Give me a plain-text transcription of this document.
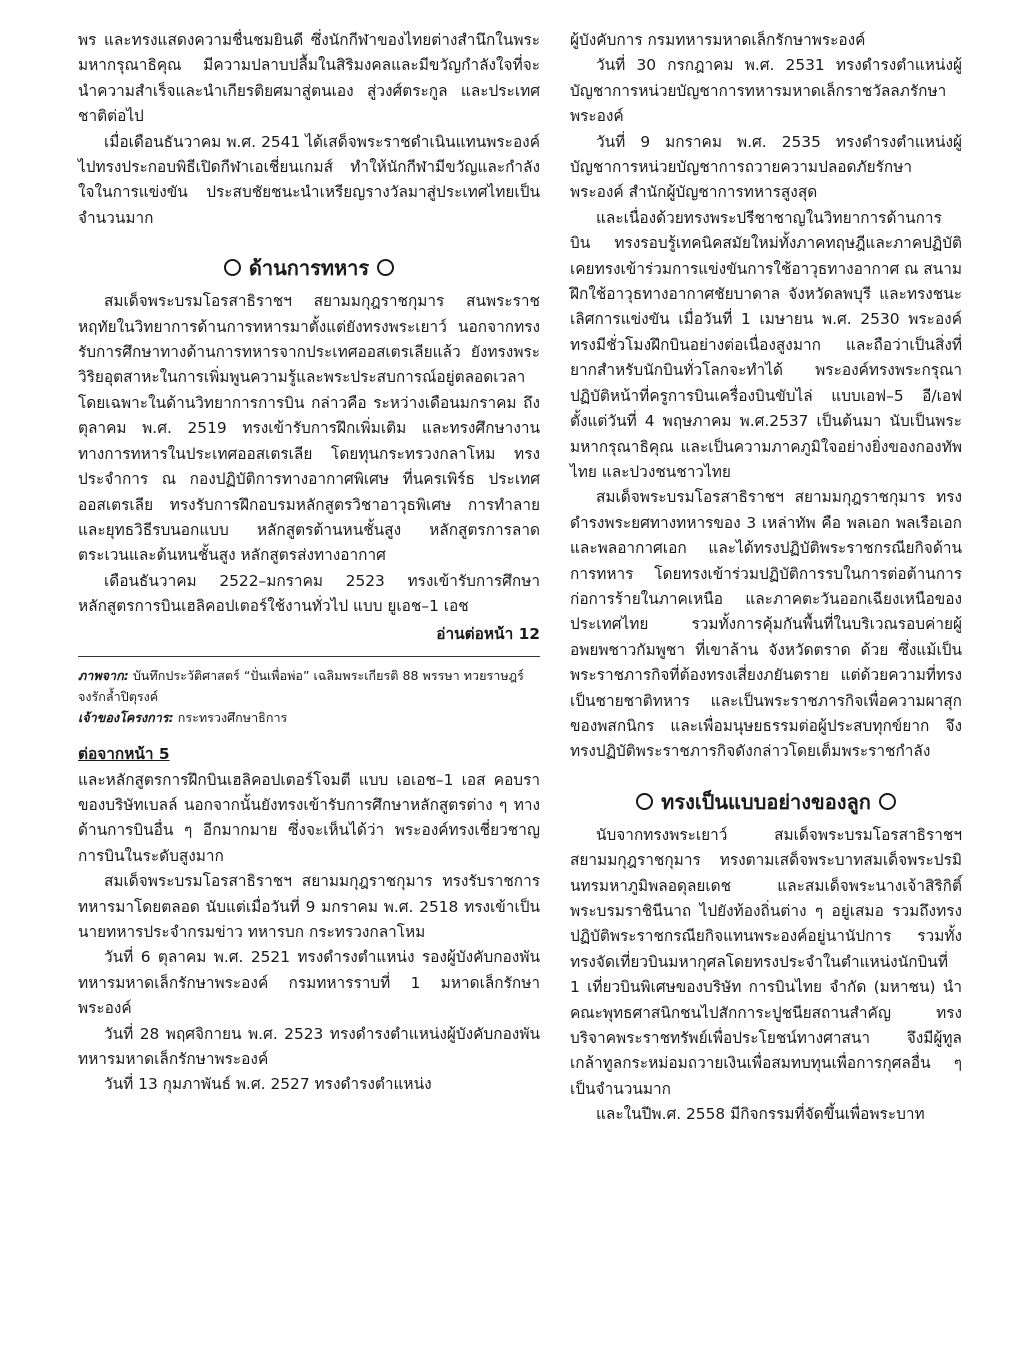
พร และทรงแสดงความชื่นชมยินดี ซึ่งนักกีฬาของไทยต่างสำนึกในพระมหากรุณาธิคุณ มีความปลาบปลื้มในสิริมงคลและมีขวัญกำลังใจที่จะนำความสำเร็จและนำเกียรติยศมาสู่ตนเอง สู่วงศ์ตระกูล และประเทศชาติต่อไป

เมื่อเดือนธันวาคม พ.ศ. 2541 ได้เสด็จพระราชดำเนินแทนพระองค์ไปทรงประกอบพิธีเปิดกีฬาเอเชี่ยนเกมส์ ทำให้นักกีฬามีขวัญและกำลังใจในการแข่งขัน ประสบชัยชนะนำเหรียญรางวัลมาสู่ประเทศไทยเป็นจำนวนมาก

ด้านการทหาร

สมเด็จพระบรมโอรสาธิราชฯ สยามมกุฎราชกุมาร สนพระราชหฤทัยในวิทยาการด้านการทหารมาตั้งแต่ยังทรงพระเยาว์ นอกจากทรงรับการศึกษาทางด้านการทหารจากประเทศออสเตรเลียแล้ว ยังทรงพระวิริยอุตสาหะในการเพิ่มพูนความรู้และพระประสบการณ์อยู่ตลอดเวลา โดยเฉพาะในด้านวิทยาการการบิน กล่าวคือ ระหว่างเดือนมกราคม ถึง ตุลาคม พ.ศ. 2519 ทรงเข้ารับการฝึกเพิ่มเติม และทรงศึกษางานทางการทหารในประเทศออสเตรเลีย โดยทุนกระทรวงกลาโหม ทรงประจำการ ณ กองปฏิบัติการทางอากาศพิเศษ ที่นครเพิร์ธ ประเทศออสเตรเลีย ทรงรับการฝึกอบรมหลักสูตรวิชาอาวุธพิเศษ การทำลายและยุทธวิธีรบนอกแบบ หลักสูตรต้านหนชั้นสูง หลักสูตรการลาดตระเวนและต้นหนชั้นสูง หลักสูตรส่งทางอากาศ

เดือนธันวาคม 2522–มกราคม 2523 ทรงเข้ารับการศึกษาหลักสูตรการบินเฮลิคอปเตอร์ใช้งานทั่วไป แบบ ยูเอช–1 เอช

อ่านต่อหน้า 12

ภาพจาก: บันทึกประวัติศาสตร์ “ปั่นเพื่อพ่อ” เฉลิมพระเกียรติ 88 พรรษา ทวยราษฎร์จงรักล้ำปิตุรงค์

เจ้าของโครงการ: กระทรวงศึกษาธิการ

ต่อจากหน้า 5

และหลักสูตรการฝึกบินเฮลิคอปเตอร์โจมตี แบบ เอเอช–1 เอส คอบรา ของบริษัทเบลล์ นอกจากนั้นยังทรงเข้ารับการศึกษาหลักสูตรต่าง ๆ ทางด้านการบินอื่น ๆ อีกมากมาย ซึ่งจะเห็นได้ว่า พระองค์ทรงเชี่ยวชาญการบินในระดับสูงมาก

สมเด็จพระบรมโอรสาธิราชฯ สยามมกุฎราชกุมาร ทรงรับราชการทหารมาโดยตลอด นับแต่เมื่อวันที่ 9 มกราคม พ.ศ. 2518 ทรงเข้าเป็นนายทหารประจำกรมข่าว ทหารบก กระทรวงกลาโหม

วันที่ 6 ตุลาคม พ.ศ. 2521 ทรงดำรงตำแหน่ง รองผู้บังคับกองพันทหารมหาดเล็กรักษาพระองค์ กรมทหารราบที่ 1 มหาดเล็กรักษาพระองค์

วันที่ 28 พฤศจิกายน พ.ศ. 2523 ทรงดำรงตำแหน่งผู้บังคับกองพันทหารมหาดเล็กรักษาพระองค์

วันที่ 13 กุมภาพันธ์ พ.ศ. 2527 ทรงดำรงตำแหน่ง

ผู้บังคับการ กรมทหารมหาดเล็กรักษาพระองค์

วันที่ 30 กรกฎาคม พ.ศ. 2531 ทรงดำรงตำแหน่งผู้บัญชาการหน่วยบัญชาการทหารมหาดเล็กราชวัลลภรักษาพระองค์

วันที่ 9 มกราคม พ.ศ. 2535 ทรงดำรงตำแหน่งผู้บัญชาการหน่วยบัญชาการถวายความปลอดภัยรักษาพระองค์ สำนักผู้บัญชาการทหารสูงสุด

และเนื่องด้วยทรงพระปรีชาชาญในวิทยาการด้านการบิน ทรงรอบรู้เทคนิคสมัยใหม่ทั้งภาคทฤษฎีและภาคปฏิบัติ เคยทรงเข้าร่วมการแข่งขันการใช้อาวุธทางอากาศ ณ สนามฝึกใช้อาวุธทางอากาศชัยบาดาล จังหวัดลพบุรี และทรงชนะเลิศการแข่งขัน เมื่อวันที่ 1 เมษายน พ.ศ. 2530 พระองค์ทรงมีชั่วโมงฝึกบินอย่างต่อเนื่องสูงมาก และถือว่าเป็นสิ่งที่ยากสำหรับนักบินทั่วโลกจะทำได้ พระองค์ทรงพระกรุณาปฏิบัติหน้าที่ครูการบินเครื่องบินขับไล่ แบบเอฟ–5 อี/เอฟ ตั้งแต่วันที่ 4 พฤษภาคม พ.ศ.2537 เป็นต้นมา นับเป็นพระมหากรุณาธิคุณ และเป็นความภาคภูมิใจอย่างยิ่งของกองทัพไทย และปวงชนชาวไทย

สมเด็จพระบรมโอรสาธิราชฯ สยามมกุฎราชกุมาร ทรงดำรงพระยศทางทหารของ 3 เหล่าทัพ คือ พลเอก พลเรือเอก และพลอากาศเอก และได้ทรงปฏิบัติพระราชกรณียกิจด้านการทหาร โดยทรงเข้าร่วมปฏิบัติการรบในการต่อต้านการก่อการร้ายในภาคเหนือ และภาคตะวันออกเฉียงเหนือของประเทศไทย รวมทั้งการคุ้มกันพื้นที่ในบริเวณรอบค่ายผู้อพยพชาวกัมพูชา ที่เขาล้าน จังหวัดตราด ด้วย ซึ่งแม้เป็นพระราชภารกิจที่ต้องทรงเสี่ยงภยันตราย แต่ด้วยความที่ทรงเป็นชายชาติทหาร และเป็นพระราชภารกิจเพื่อความผาสุกของพสกนิกร และเพื่อมนุษยธรรมต่อผู้ประสบทุกข์ยาก จึงทรงปฏิบัติพระราชภารกิจดังกล่าวโดยเต็มพระราชกำลัง

ทรงเป็นแบบอย่างของลูก

นับจากทรงพระเยาว์ สมเด็จพระบรมโอรสาธิราชฯ สยามมกุฎราชกุมาร ทรงตามเสด็จพระบาทสมเด็จพระปรมินทรมหาภูมิพลอดุลยเดช และสมเด็จพระนางเจ้าสิริกิติ์ พระบรมราชินีนาถ ไปยังท้องถิ่นต่าง ๆ อยู่เสมอ รวมถึงทรงปฏิบัติพระราชกรณียกิจแทนพระองค์อยู่นานัปการ รวมทั้งทรงจัดเที่ยวบินมหากุศลโดยทรงประจำในตำแหน่งนักบินที่ 1 เที่ยวบินพิเศษของบริษัท การบินไทย จำกัด (มหาชน) นำคณะพุทธศาสนิกชนไปสักการะปูชนียสถานสำคัญ ทรงบริจาคพระราชทรัพย์เพื่อประโยชน์ทางศาสนา จึงมีผู้ทูลเกล้าทูลกระหม่อมถวายเงินเพื่อสมทบทุนเพื่อการกุศลอื่น ๆ เป็นจำนวนมาก

และในปีพ.ศ. 2558 มีกิจกรรมที่จัดขึ้นเพื่อพระบาท
